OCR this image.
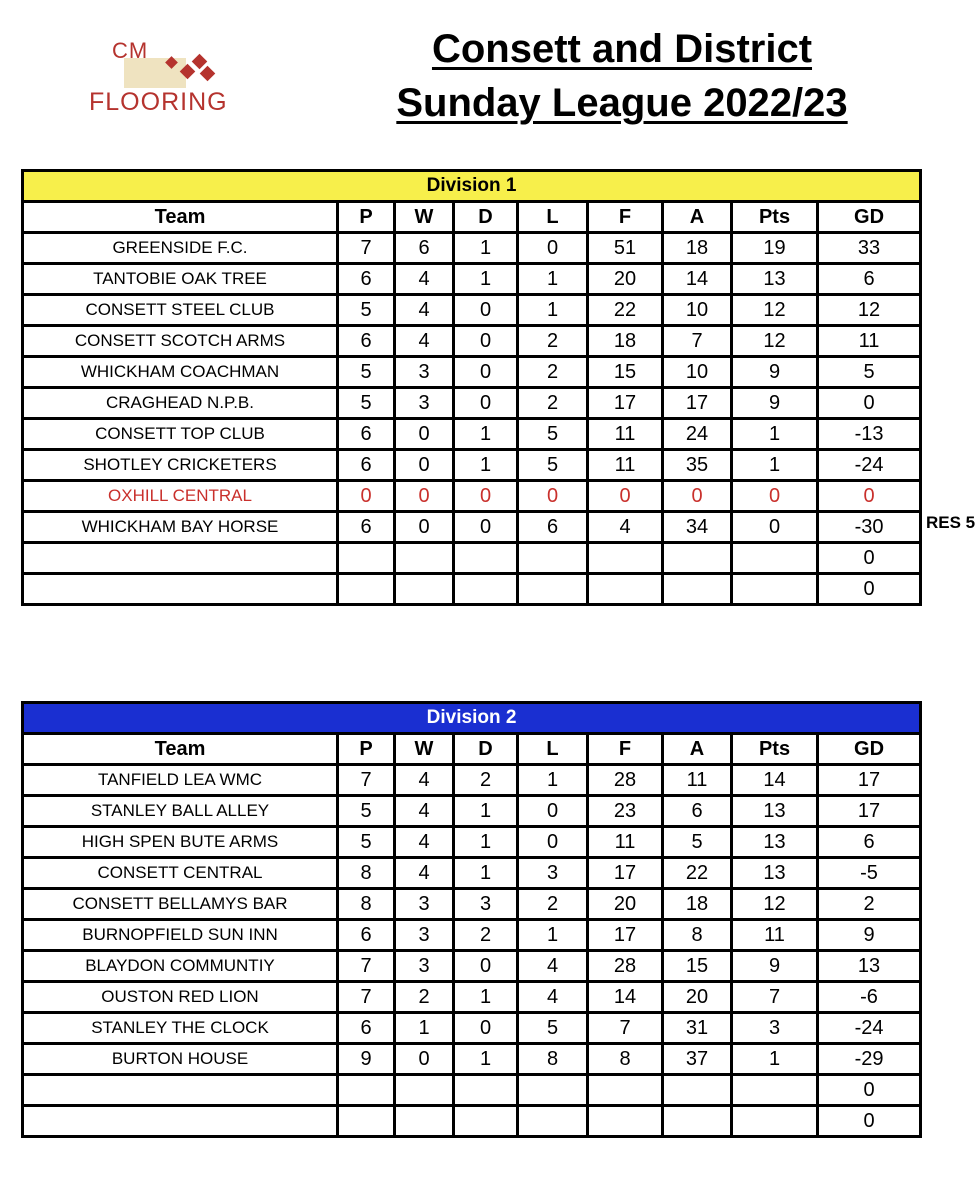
CM
FLOORING
Consett and District
Sunday League 2022/23
Division 1								
Team	P	W	D	L	F	A	Pts	GD
GREENSIDE F.C.	7	6	1	0	51	18	19	33
TANTOBIE OAK TREE	6	4	1	1	20	14	13	6
CONSETT STEEL CLUB	5	4	0	1	22	10	12	12
CONSETT SCOTCH ARMS	6	4	0	2	18	7	12	11
WHICKHAM COACHMAN	5	3	0	2	15	10	9	5
CRAGHEAD N.P.B.	5	3	0	2	17	17	9	0
CONSETT TOP CLUB	6	0	1	5	11	24	1	-13
SHOTLEY CRICKETERS	6	0	1	5	11	35	1	-24
OXHILL CENTRAL	0	0	0	0	0	0	0	0
WHICKHAM BAY HORSE	6	0	0	6	4	34	0	-30
								0
								0
RES 5
Division 2								
Team	P	W	D	L	F	A	Pts	GD
TANFIELD LEA WMC	7	4	2	1	28	11	14	17
STANLEY BALL ALLEY	5	4	1	0	23	6	13	17
HIGH SPEN BUTE ARMS	5	4	1	0	11	5	13	6
CONSETT CENTRAL	8	4	1	3	17	22	13	-5
CONSETT BELLAMYS BAR	8	3	3	2	20	18	12	2
BURNOPFIELD SUN INN	6	3	2	1	17	8	11	9
BLAYDON COMMUNTIY	7	3	0	4	28	15	9	13
OUSTON RED LION	7	2	1	4	14	20	7	-6
STANLEY THE CLOCK	6	1	0	5	7	31	3	-24
BURTON HOUSE	9	0	1	8	8	37	1	-29
								0
								0
